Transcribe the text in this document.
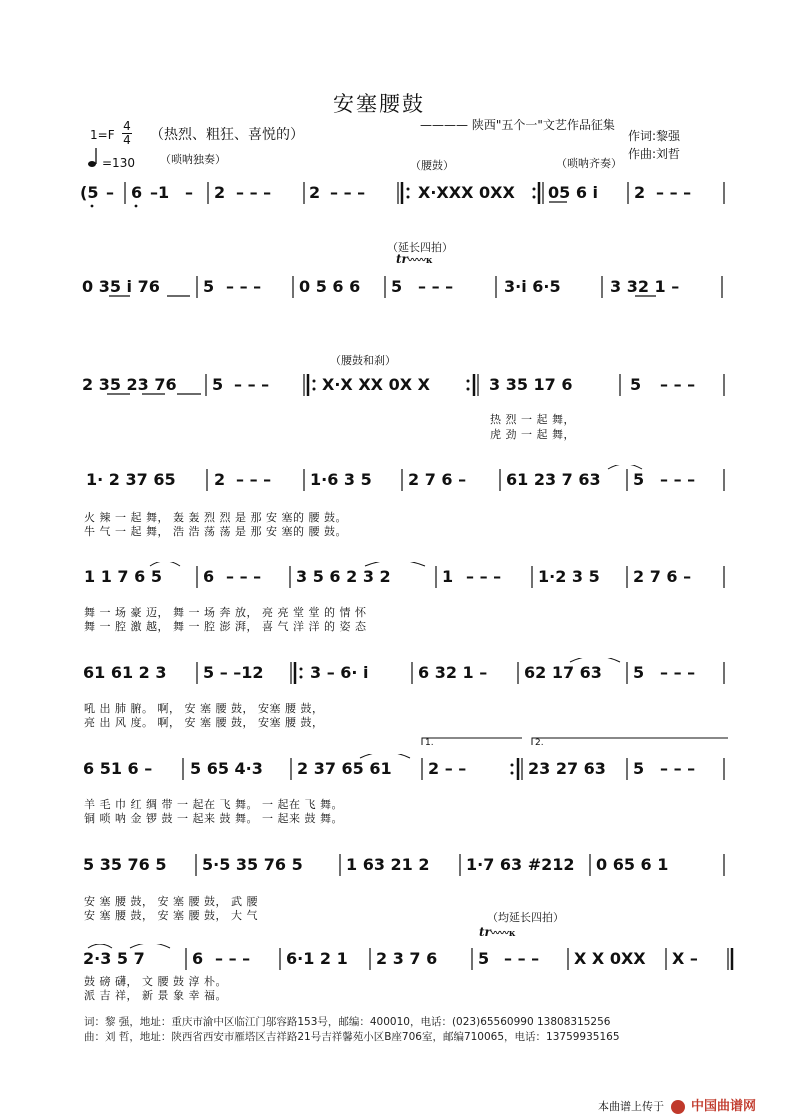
安塞腰鼓
———— 陕西"五个一"文艺作品征集
1=F
4
4 （热烈、粗狂、喜悦的）
=130
作词:黎强
作曲:刘哲
（唢呐独奏）	（腰鼓）	（唢呐齐奏）
（延长四拍）
（腰鼓和刹）
（均延长四拍）
tr〰〰ĸ
tr〰〰ĸ
1.	2.
(5 – 6 –1 – 2 – – – 2 – – –	X·XXX 0XX 05 6 i 2 – – –
0 35 i 76	5 – – – 0 5 6 6 5 – – –	3·i 6·5	3 32 1 –
2 35 23 76 5 – – –	X·X XX 0X X	3 35 17 6	5 – – –
热 烈 一 起 舞，
虎 劲 一 起 舞，
1· 2 37 65 2 – – – 1·6 3 5 2 7 6 – 61 23 7 63 5 – – –
火 辣 一 起 舞， 轰 轰 烈 烈 是 那 安 塞的 腰 鼓。
牛 气 一 起 舞， 浩 浩 荡 荡 是 那 安 塞的 腰 鼓。
1 1 7 6 5	6 – – – 3 5 6 2 3 2	1 – – – 1·2 3 5 2 7 6 –
舞 一 场 豪 迈， 舞 一 场 奔 放， 亮 亮 堂 堂 的 情 怀
舞 一 腔 激 越， 舞 一 腔 澎 湃， 喜 气 洋 洋 的 姿 态
61 61 2 3 5 – –12	3 – 6· i	6 32 1 – 62 17 63 5 – – –
吼 出 肺 腑。 啊， 安 塞 腰 鼓， 安塞 腰 鼓，
亮 出 风 度。 啊， 安 塞 腰 鼓， 安塞 腰 鼓，
6 51 6 – 5 65 4·3 2 37 65 61 2 – –	23 27 63 5 – – –
羊 毛 巾 红 绸 带 一 起在 飞 舞。 一 起在 飞 舞。
铜 唢 呐 金 锣 鼓 一 起来 鼓 舞。 一 起来 鼓 舞。
5 35 76 5 5·5 35 76 5	1 63 21 2 1·7 63 #212 0 65 6 1
安 塞 腰 鼓， 安 塞 腰 鼓， 武 腰
安 塞 腰 鼓， 安 塞 腰 鼓， 大 气
2·3 5 7	6 – – – 6·1 2 1 2 3 7 6	5 – – – X X 0XX X –
鼓 磅 礴， 文 腰 鼓 淳 朴。
派 吉 祥， 新 景 象 幸 福。
词：黎 强，地址：重庆市渝中区临江门邬容路153号，邮编：400010，电话：(023)65560990 13808315256
曲：刘 哲，地址：陕西省西安市雁塔区吉祥路21号吉祥馨苑小区B座706室，邮编710065，电话：13759935165
本曲谱上传于 中国曲谱网
